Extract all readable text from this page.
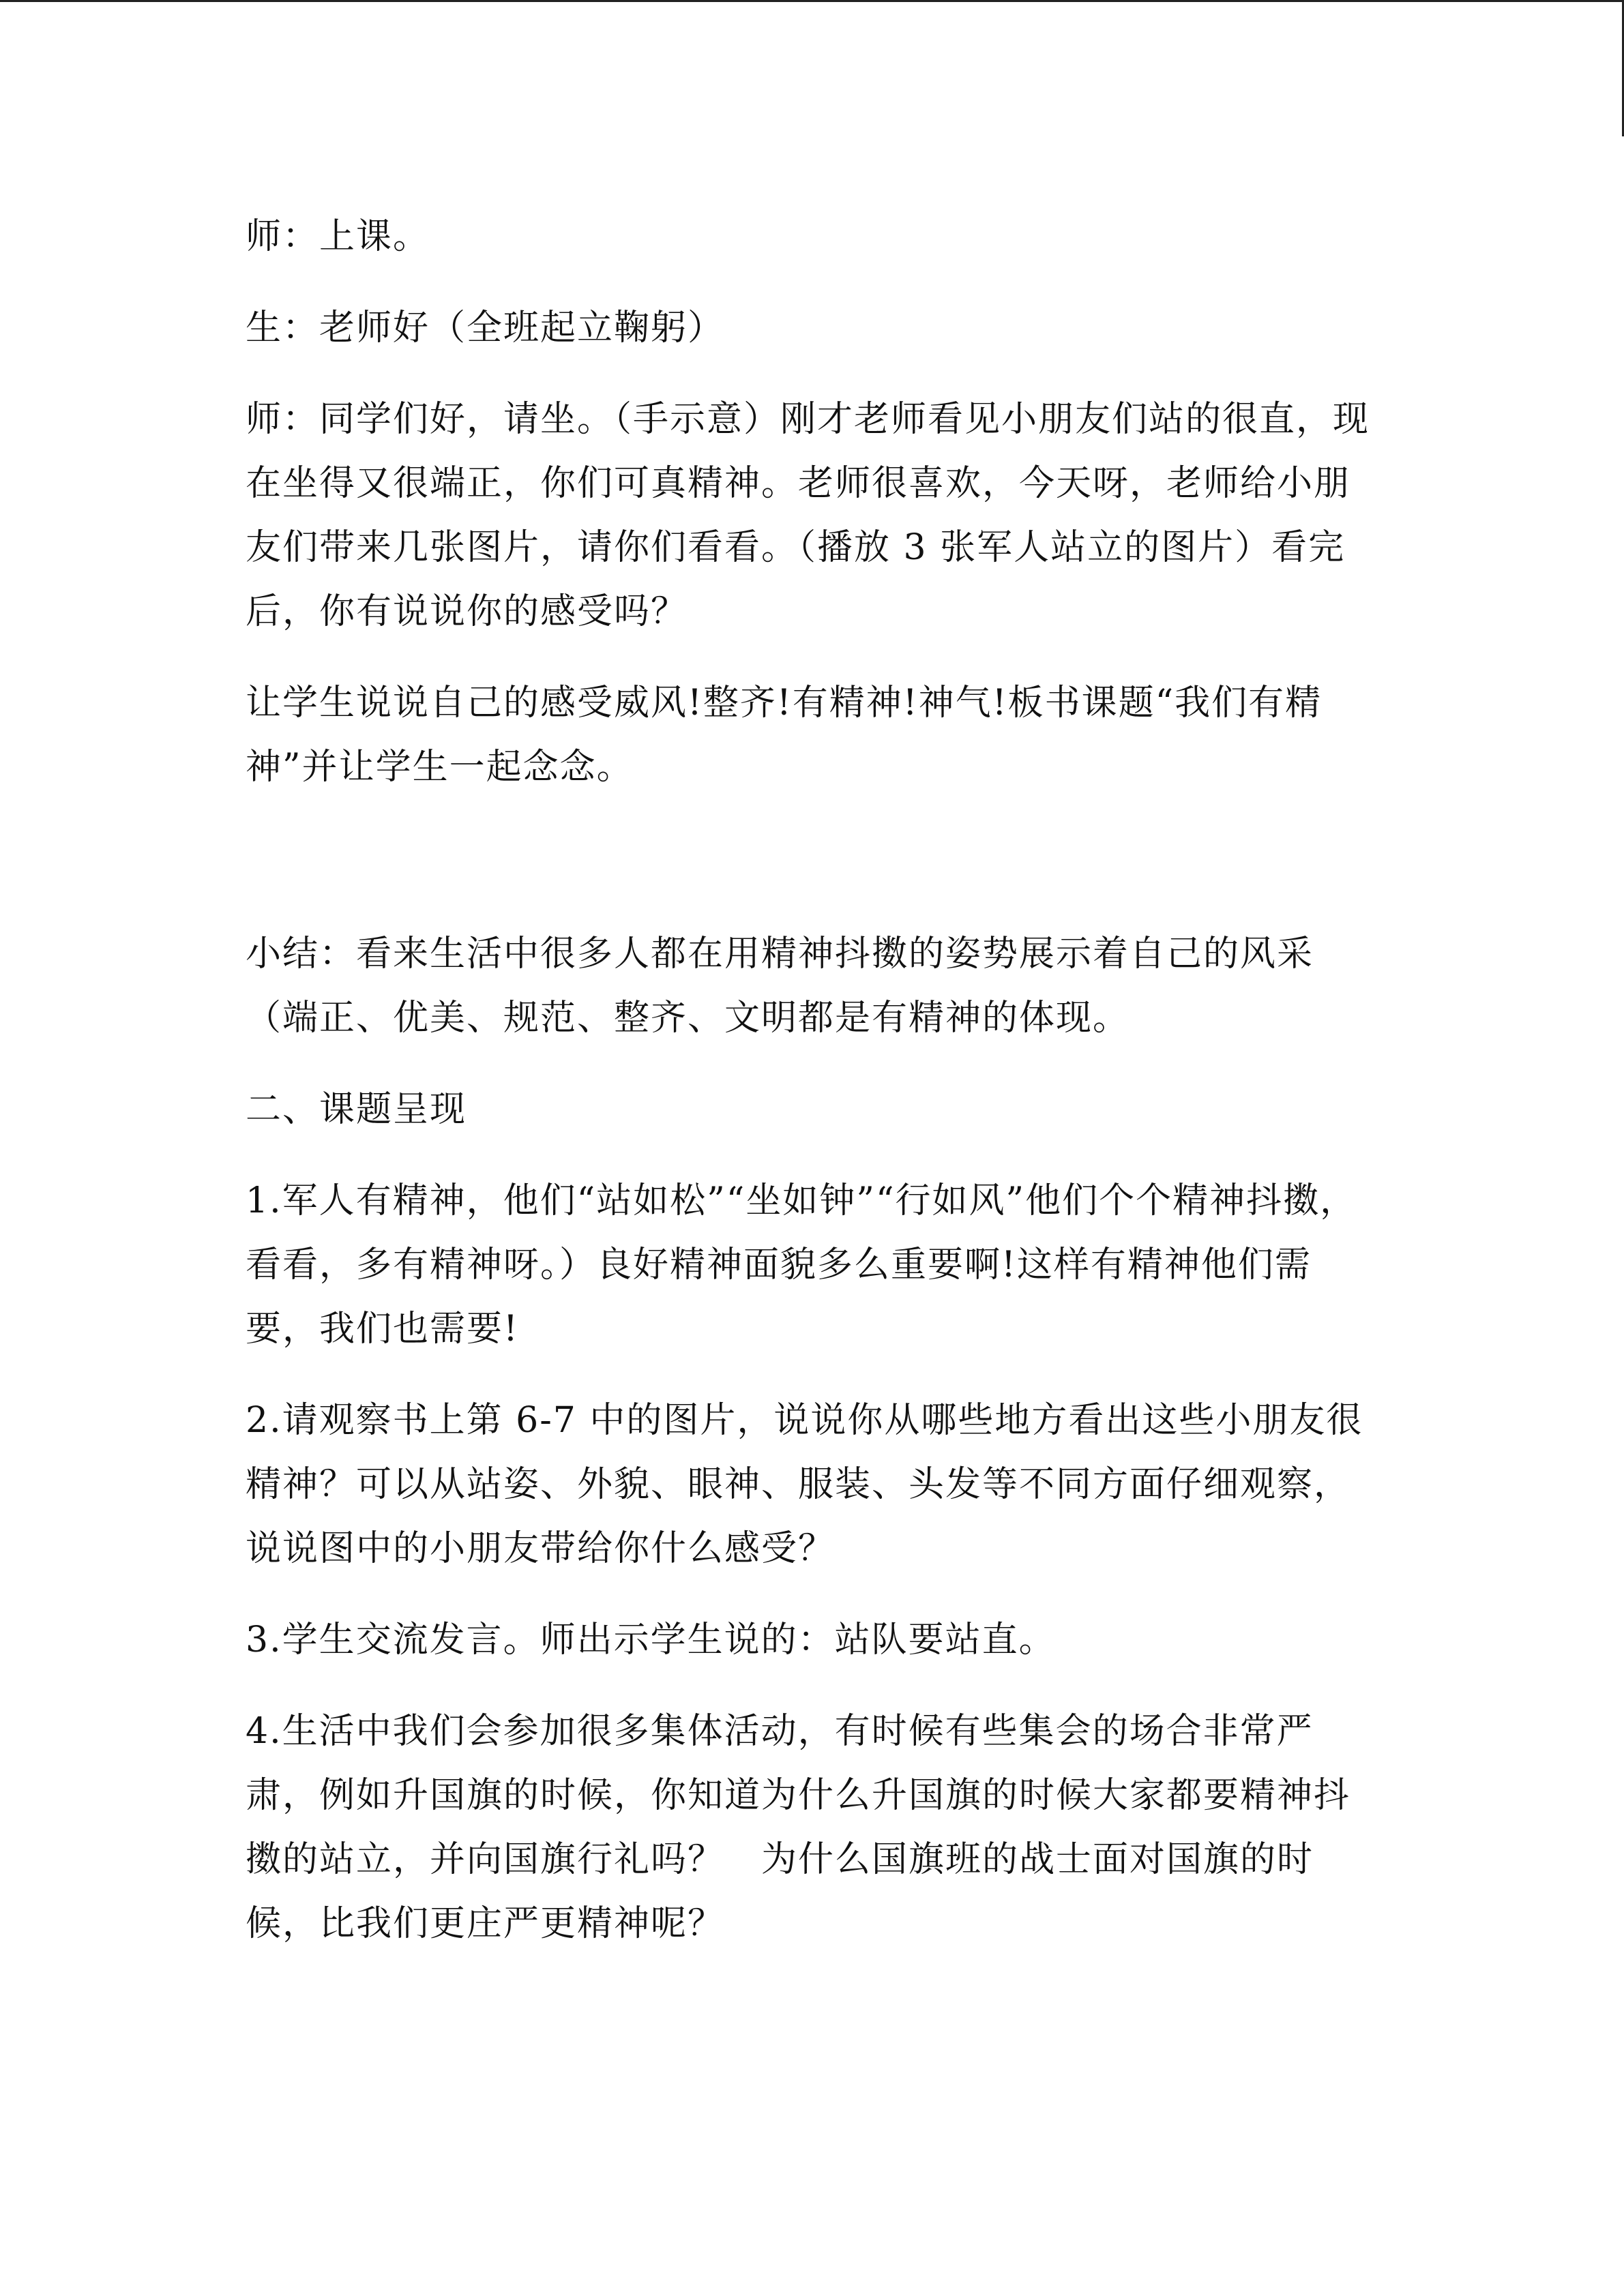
师：上课。

生：老师好（全班起立鞠躬）

师：同学们好，请坐。（手示意）刚才老师看见小朋友们站的很直，现在坐得又很端正，你们可真精神。老师很喜欢，今天呀，老师给小朋友们带来几张图片，请你们看看。（播放 3 张军人站立的图片）看完后，你有说说你的感受吗？

让学生说说自己的感受威风!整齐!有精神!神气!板书课题“我们有精神”并让学生一起念念。

小结：看来生活中很多人都在用精神抖擞的姿势展示着自己的风采（端正、优美、规范、整齐、文明都是有精神的体现。

二、课题呈现

1.军人有精神，他们“站如松”“坐如钟”“行如风”他们个个精神抖擞，看看，多有精神呀。）良好精神面貌多么重要啊!这样有精神他们需要，我们也需要!

2.请观察书上第 6-7 中的图片，说说你从哪些地方看出这些小朋友很精神？可以从站姿、外貌、眼神、服装、头发等不同方面仔细观察，说说图中的小朋友带给你什么感受？

3.学生交流发言。师出示学生说的：站队要站直。

4.生活中我们会参加很多集体活动，有时候有些集会的场合非常严肃，例如升国旗的时候，你知道为什么升国旗的时候大家都要精神抖擞的站立，并向国旗行礼吗？　为什么国旗班的战士面对国旗的时候，比我们更庄严更精神呢？
